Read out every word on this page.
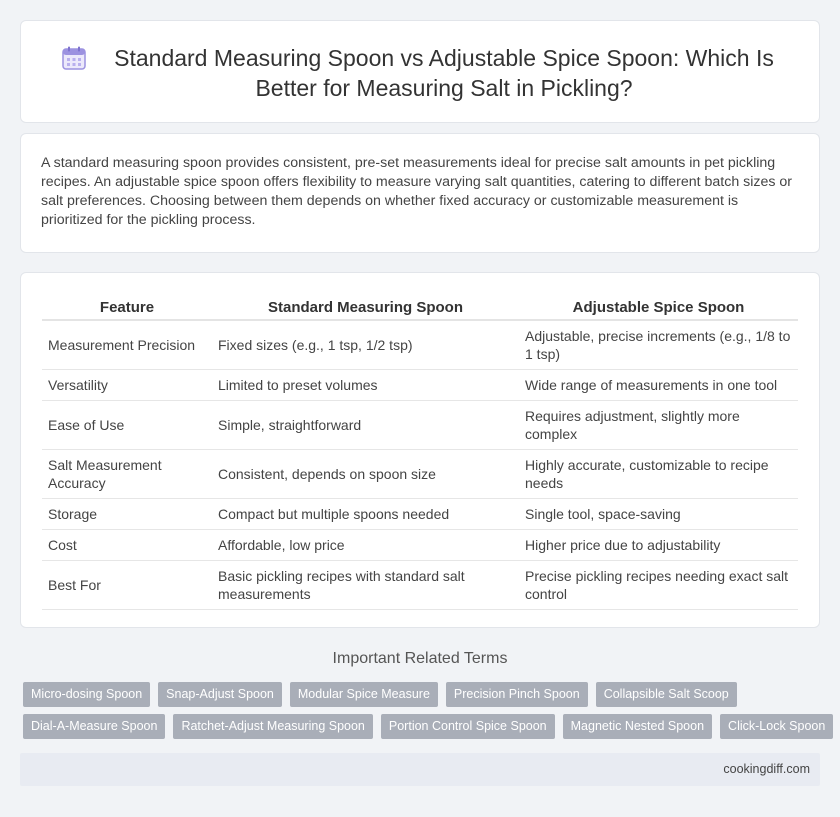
Standard Measuring Spoon vs Adjustable Spice Spoon: Which Is Better for Measuring Salt in Pickling?

A standard measuring spoon provides consistent, pre-set measurements ideal for precise salt amounts in pet pickling recipes. An adjustable spice spoon offers flexibility to measure varying salt quantities, catering to different batch sizes or salt preferences. Choosing between them depends on whether fixed accuracy or customizable measurement is prioritized for the pickling process.

Feature	Standard Measuring Spoon	Adjustable Spice Spoon
Measurement Precision	Fixed sizes (e.g., 1 tsp, 1/2 tsp)	Adjustable, precise increments (e.g., 1/8 to 1 tsp)
Versatility	Limited to preset volumes	Wide range of measurements in one tool
Ease of Use	Simple, straightforward	Requires adjustment, slightly more complex
Salt Measurement Accuracy	Consistent, depends on spoon size	Highly accurate, customizable to recipe needs
Storage	Compact but multiple spoons needed	Single tool, space-saving
Cost	Affordable, low price	Higher price due to adjustability
Best For	Basic pickling recipes with standard salt measurements	Precise pickling recipes needing exact salt control
Important Related Terms
Micro-dosing Spoon	Snap-Adjust Spoon	Modular Spice Measure	Precision Pinch Spoon	Collapsible Salt Scoop
Dial-A-Measure Spoon	Ratchet-Adjust Measuring Spoon	Portion Control Spice Spoon	Magnetic Nested Spoon	Click-Lock Spoon
cookingdiff.com
